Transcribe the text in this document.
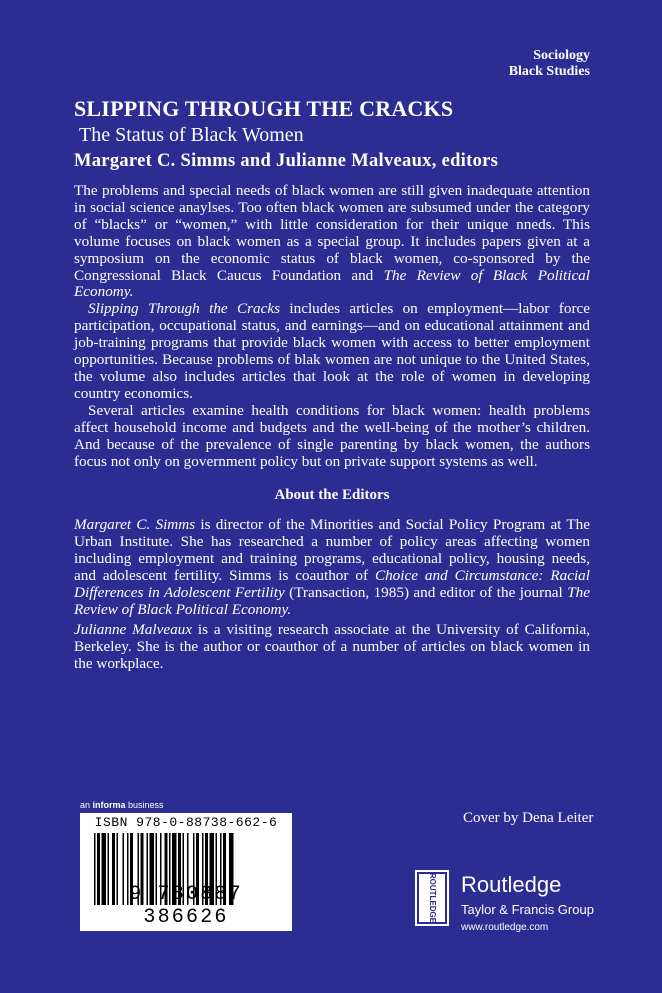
Sociology
Black Studies
SLIPPING THROUGH THE CRACKS
The Status of Black Women
Margaret C. Simms and Julianne Malveaux, editors

The problems and special needs of black women are still given inadequate attention in social science anaylses. Too often black women are subsumed under the category of “blacks” or “women,” with little consideration for their unique nneds. This volume focuses on black women as a special group. It includes papers given at a symposium on the economic status of black women, co-sponsored by the Congressional Black Caucus Foundation and The Review of Black Political Economy.

Slipping Through the Cracks includes articles on employment—labor force participation, occupational status, and earnings—and on educational attainment and job-training programs that provide black women with access to better employment opportunities. Because problems of blak women are not unique to the United States, the volume also includes articles that look at the role of women in developing country economics.

Several articles examine health conditions for black women: health problems affect household income and budgets and the well-being of the mother’s children. And because of the prevalence of single parenting by black women, the authors focus not only on government policy but on private support systems as well.

About the Editors
Margaret C. Simms is director of the Minorities and Social Policy Program at The Urban Institute. She has researched a number of policy areas affecting women including employment and training programs, educational policy, housing needs, and adolescent fertility. Simms is coauthor of Choice and Circumstance: Racial Differences in Adolescent Fertility (Transaction, 1985) and editor of the journal The Review of Black Political Economy.
Julianne Malveaux is a visiting research associate at the University of California, Berkeley. She is the author or coauthor of a number of articles on black women in the workplace.
an informa business
ISBN 978-0-88738-662-6
9 780887 386626
Cover by Dena Leiter
ROUTLEDGE Routledge
Taylor & Francis Group
www.routledge.com
